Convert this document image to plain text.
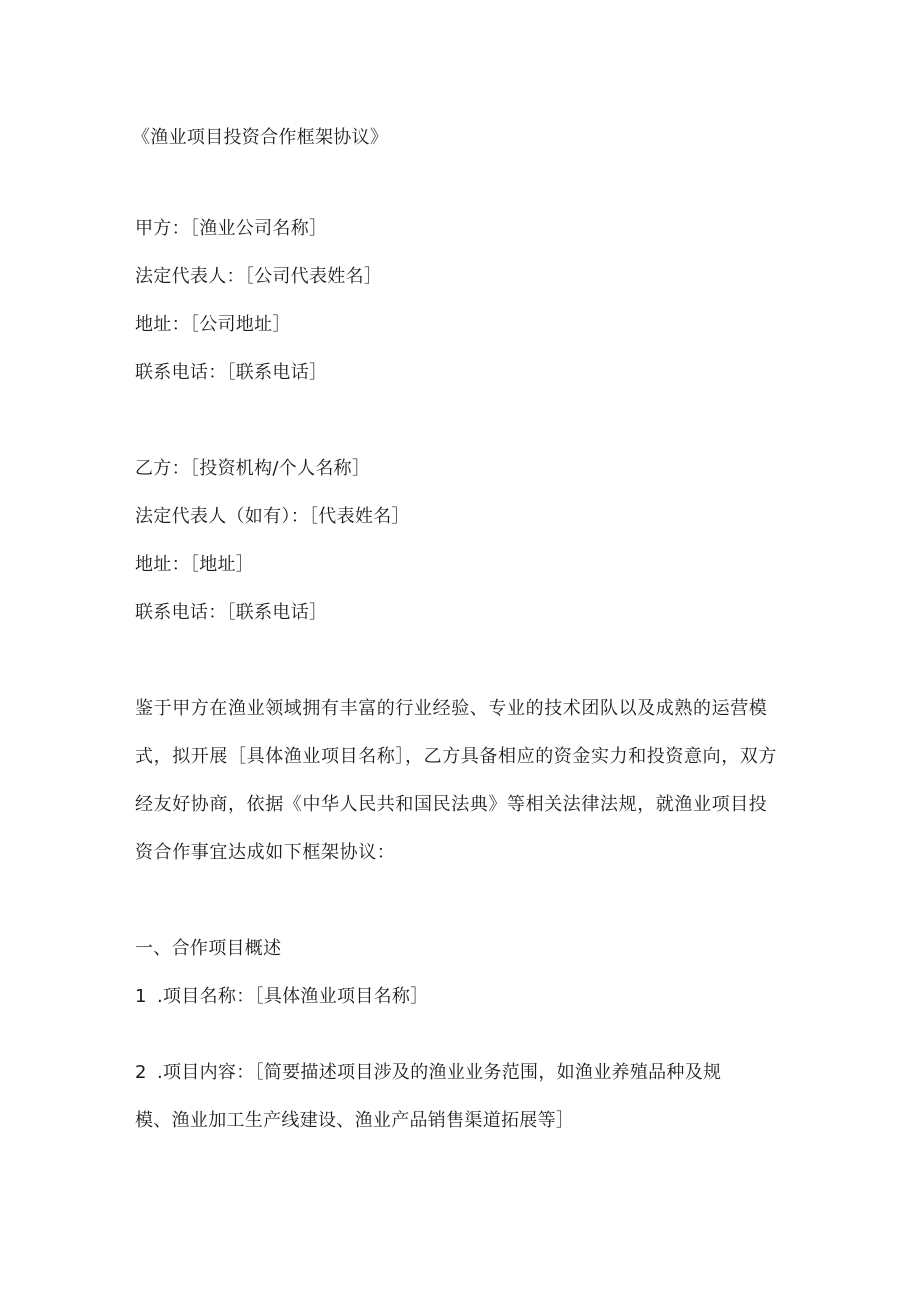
《渔业项目投资合作框架协议》
甲方：［渔业公司名称］
法定代表人：［公司代表姓名］
地址：［公司地址］
联系电话：［联系电话］
乙方：［投资机构/个人名称］
法定代表人（如有）：［代表姓名］
地址：［地址］
联系电话：［联系电话］
鉴于甲方在渔业领域拥有丰富的行业经验、专业的技术团队以及成熟的运营模
式，拟开展［具体渔业项目名称］，乙方具备相应的资金实力和投资意向，双方
经友好协商，依据《中华人民共和国民法典》等相关法律法规，就渔业项目投
资合作事宜达成如下框架协议：
一、合作项目概述
1 .项目名称：［具体渔业项目名称］
2 .项目内容：［简要描述项目涉及的渔业业务范围，如渔业养殖品种及规
模、渔业加工生产线建设、渔业产品销售渠道拓展等］
